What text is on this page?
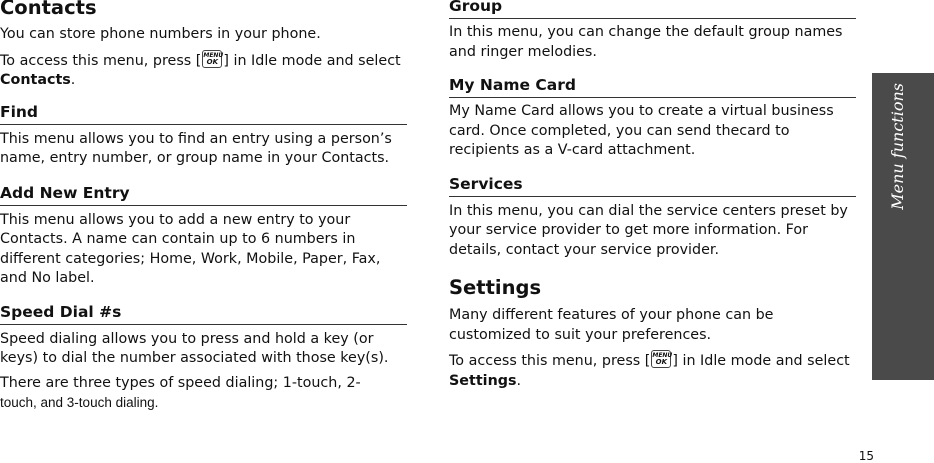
Contacts

You can store phone numbers in your phone.

To access this menu, press [ MENU
OK ] in Idle mode and select Contacts.

Find

This menu allows you to find an entry using a person’s name, entry number, or group name in your Contacts.

Add New Entry

This menu allows you to add a new entry to your Contacts. A name can contain up to 6 numbers in different categories; Home, Work, Mobile, Paper, Fax, and No label.

Speed Dial #s

Speed dialing allows you to press and hold a key (or keys) to dial the number associated with those key(s).

There are three types of speed dialing; 1-touch, 2-
touch, and 3-touch dialing.

Group

In this menu, you can change the default group names and ringer melodies.

My Name Card

My Name Card allows you to create a virtual business card. Once completed, you can send thecard to recipients as a V-card attachment.

Services

In this menu, you can dial the service centers preset by your service provider to get more information. For details, contact your service provider.

Settings

Many different features of your phone can be customized to suit your preferences.

To access this menu, press [ MENU
OK ] in Idle mode and select Settings.

Menu functions
15
